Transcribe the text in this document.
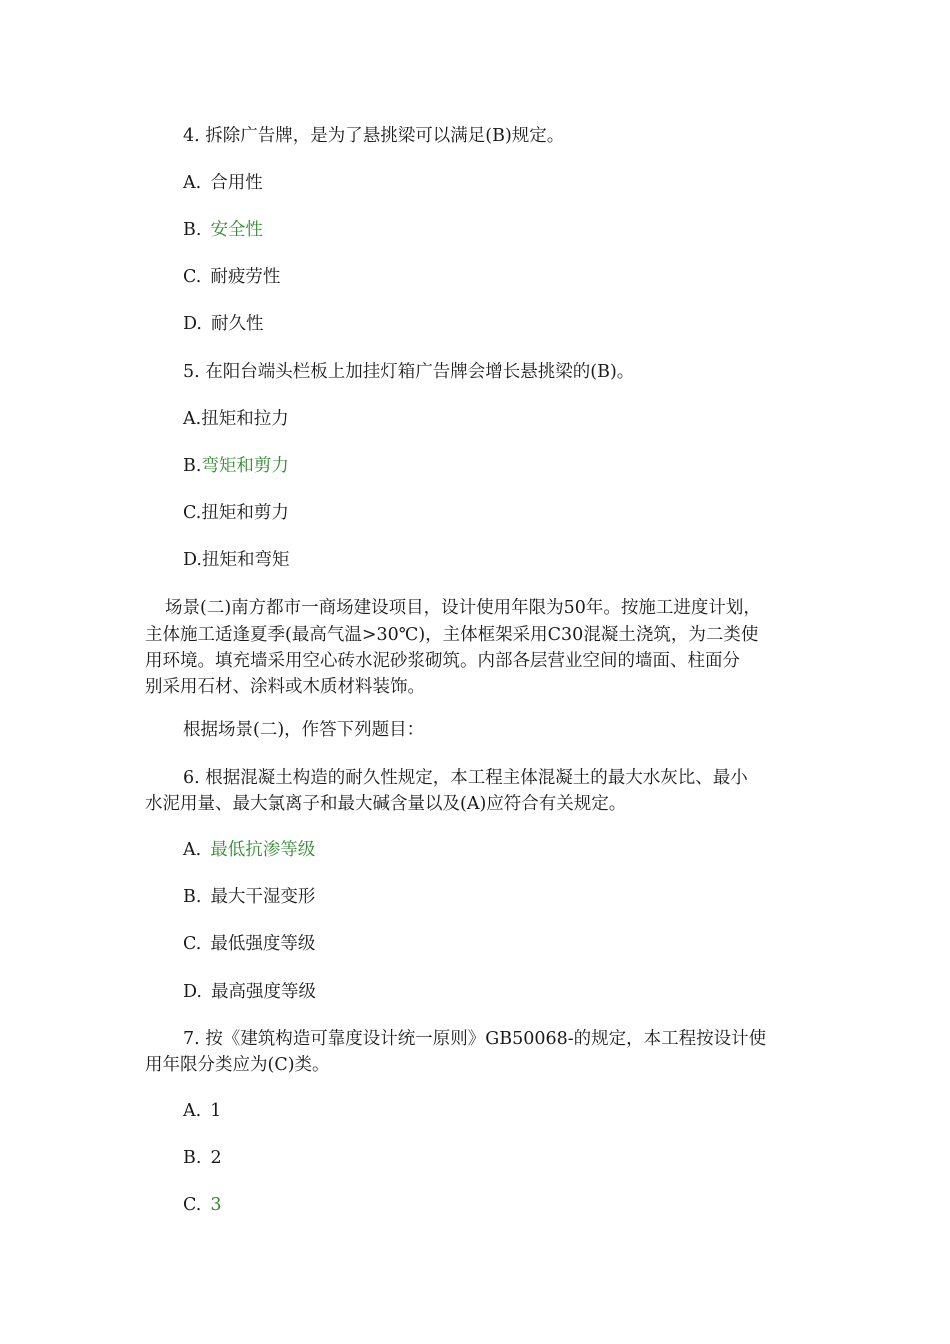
4. 拆除广告牌，是为了悬挑梁可以满足(B)规定。
A. 合用性
B. 安全性
C. 耐疲劳性
D. 耐久性
5. 在阳台端头栏板上加挂灯箱广告牌会增长悬挑梁的(B)。
A.扭矩和拉力
B.弯矩和剪力
C.扭矩和剪力
D.扭矩和弯矩
场景(二)南方都市一商场建设项目，设计使用年限为50年。按施工进度计划，
主体施工适逢夏季(最高气温>30℃)，主体框架采用C30混凝土浇筑，为二类使
用环境。填充墙采用空心砖水泥砂浆砌筑。内部各层营业空间的墙面、柱面分
别采用石材、涂料或木质材料装饰。
根据场景(二)，作答下列题目：
6. 根据混凝土构造的耐久性规定，本工程主体混凝土的最大水灰比、最小
水泥用量、最大氯离子和最大碱含量以及(A)应符合有关规定。
A. 最低抗渗等级
B. 最大干湿变形
C. 最低强度等级
D. 最高强度等级
7. 按《建筑构造可靠度设计统一原则》GB50068-的规定，本工程按设计使
用年限分类应为(C)类。
A. 1
B. 2
C. 3
